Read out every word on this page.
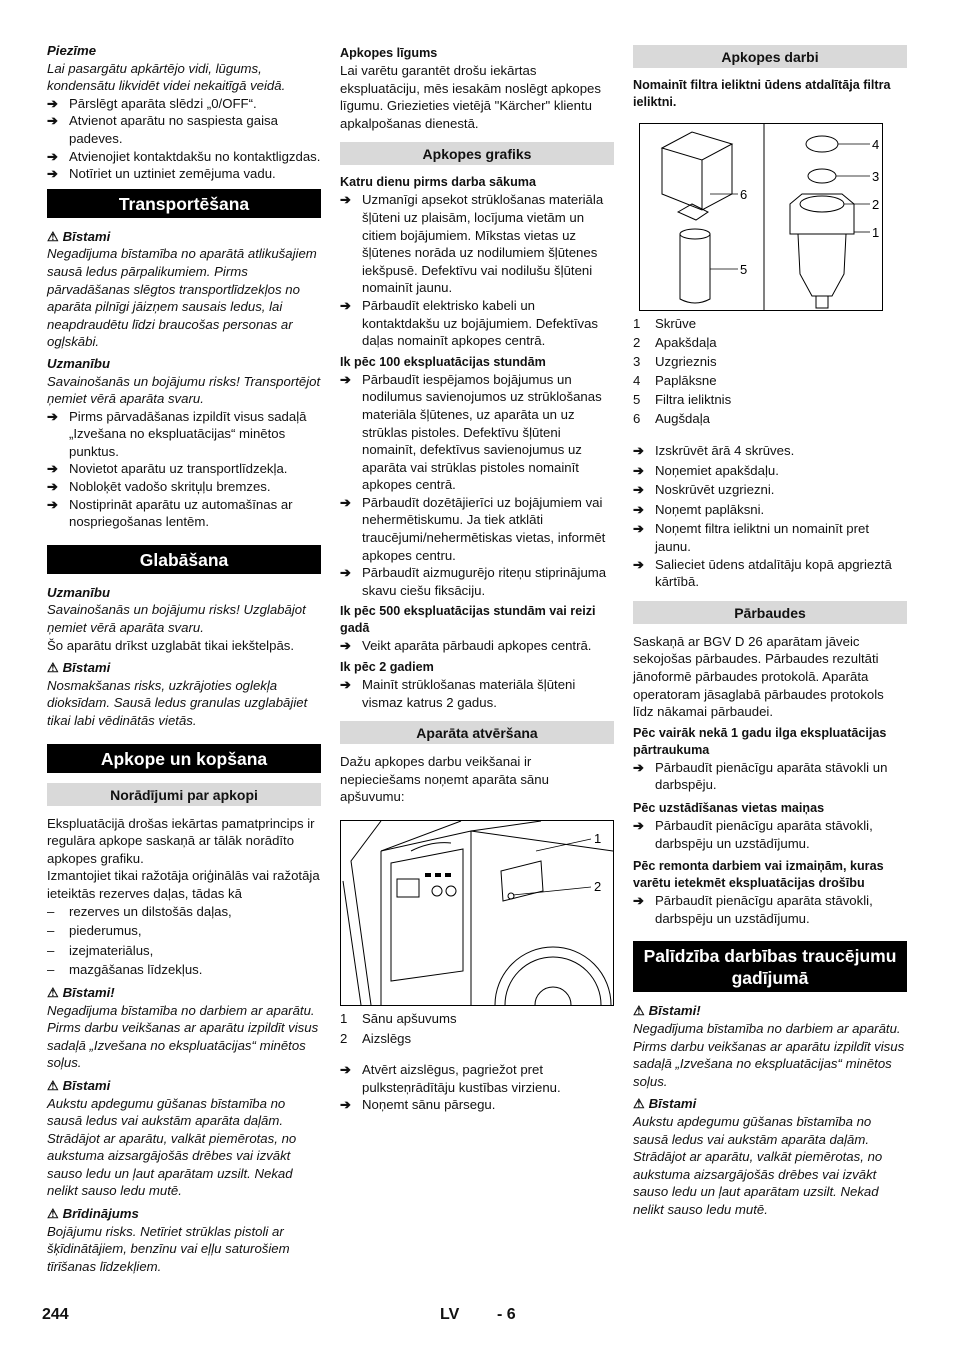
Piezīme

Lai pasargātu apkārtējo vidi, lūgums, kondensātu likvidēt videi nekaitīgā veidā.

➔ Pārslēgt aparāta slēdzi „0/OFF“.
➔ Atvienot aparātu no saspiesta gaisa padeves.
➔ Atvienojiet kontaktdakšu no kontaktligzdas.
➔ Notīriet un uztiniet zemējuma vadu.
Transportēšana
⚠ Bīstami

Negadījuma bīstamība no aparātā atlikušajiem sausā ledus pārpalikumiem. Pirms pārvadāšanas slēgtos transportlīdzekļos no aparāta pilnīgi jāizņem sausais ledus, lai neapdraudētu līdzi braucošas personas ar ogļskābi.

Uzmanību

Savainošanās un bojājumu risks! Transportējot ņemiet vērā aparāta svaru.

➔ Pirms pārvadāšanas izpildīt visus sadaļā „Izvešana no ekspluatācijas“ minētos punktus.
➔ Novietot aparātu uz transportlīdzekļa.
➔ Nobloķēt vadošo skritu̦ļu bremzes.
➔ Nostiprināt aparātu uz automašīnas ar nospriegošanas lentēm.
Glabāšana

Uzmanību

Savainošanās un bojājumu risks! Uzglabājot ņemiet vērā aparāta svaru.

Šo aparātu drīkst uzglabāt tikai iekštelpās.

⚠ Bīstami

Nosmakšanas risks, uzkrājoties oglekļa dioksīdam. Sausā ledus granulas uzglabājiet tikai labi vēdinātās vietās.

Apkope un kopšana
Norādījumi par apkopi

Ekspluatācijā drošas iekārtas pamatprincips ir regulāra apkope saskaņā ar tālāk norādīto apkopes grafiku.

Izmantojiet tikai ražotāja oriģinālās vai ražotāja ieteiktās rezerves daļas, tādas kā

– rezerves un dilstošās daļas,
– piederumus,
– izejmateriālus,
– mazgāšanas līdzekļus.
⚠ Bīstami!

Negadījuma bīstamība no darbiem ar aparātu. Pirms darbu veikšanas ar aparātu izpildīt visus sadaļā „Izvešana no ekspluatācijas“ minētos soļus.

⚠ Bīstami

Aukstu apdegumu gūšanas bīstamība no sausā ledus vai aukstām aparāta daļām. Strādājot ar aparātu, valkāt piemērotas, no aukstuma aizsargājošās drēbes vai izvākt sauso ledu un ļaut aparātam uzsilt. Nekad nelikt sauso ledu mutē.

⚠ Brīdinājums

Bojājumu risks. Netīriet strūklas pistoli ar šķīdinātājiem, benzīnu vai eļļu saturošiem tīrīšanas līdzekļiem.

Apkopes līgums

Lai varētu garantēt drošu iekārtas ekspluatāciju, mēs iesakām noslēgt apkopes līgumu. Griezieties vietējā "Kärcher" klientu apkalpošanas dienestā.

Apkopes grafiks

Katru dienu pirms darba sākuma

➔ Uzmanīgi apsekot strūklošanas materiāla šļūteni uz plaisām, locījuma vietām un citiem bojājumiem. Mīkstas vietas uz šļūtenes norāda uz nodilumiem šļūtenes iekšpusē. Defektīvu vai nodilušu šļūteni nomainīt jaunu.
➔ Pārbaudīt elektrisko kabeli un kontaktdakšu uz bojājumiem. Defektīvas daļas nomainīt apkopes centrā.

Ik pēc 100 ekspluatācijas stundām

➔ Pārbaudīt iespējamos bojājumus un nodilumus savienojumos uz strūklošanas materiāla šļūtenes, uz aparāta un uz strūklas pistoles. Defektīvu šļūteni nomainīt, defektīvus savienojumus uz aparāta vai strūklas pistoles nomainīt apkopes centrā.
➔ Pārbaudīt dozētājierīci uz bojājumiem vai nehermētiskumu. Ja tiek atklāti traucējumi/nehermētiskas vietas, informēt apkopes centru.
➔ Pārbaudīt aizmugurējo riteņu stiprinājuma skavu ciešu fiksāciju.

Ik pēc 500 ekspluatācijas stundām vai reizi gadā

➔ Veikt aparāta pārbaudi apkopes centrā.

Ik pēc 2 gadiem

➔ Mainīt strūklošanas materiāla šļūteni vismaz katrus 2 gadus.
Aparāta atvēršana

Dažu apkopes darbu veikšanai ir nepieciešams noņemt aparāta sānu apšuvumu:

1
2
1	Sānu apšuvums
2	Aizslēgs
➔ Atvērt aizslēgus, pagriežot pret pulksteņrādītāju kustības virzienu.
➔ Noņemt sānu pārsegu.
Apkopes darbi

Nomainīt filtra ieliktni ūdens atdalītāja filtra ieliktni.

4
3
2
1
6
5
1	Skrūve
2	Apakšdaļa
3	Uzgrieznis
4	Paplāksne
5	Filtra ieliktnis
6	Augšdaļa
➔ Izskrūvēt ārā 4 skrūves.
➔ Noņemiet apakšdaļu.
➔ Noskrūvēt uzgriezni.
➔ Noņemt paplāksni.
➔ Noņemt filtra ieliktni un nomainīt pret jaunu.
➔ Salieciet ūdens atdalītāju kopā apgrieztā kārtībā.
Pārbaudes

Saskaņā ar BGV D 26 aparātam jāveic sekojošas pārbaudes. Pārbaudes rezultāti jānoformē pārbaudes protokolā. Aparāta operatoram jāsaglabā pārbaudes protokols līdz nākamai pārbaudei.

Pēc vairāk nekā 1 gadu ilga ekspluatācijas pārtraukuma

➔ Pārbaudīt pienācīgu aparāta stāvokli un darbspēju.

Pēc uzstādīšanas vietas maiņas

➔ Pārbaudīt pienācīgu aparāta stāvokli, darbspēju un uzstādījumu.

Pēc remonta darbiem vai izmaiņām, kuras varētu ietekmēt ekspluatācijas drošību

➔ Pārbaudīt pienācīgu aparāta stāvokli, darbspēju un uzstādījumu.
Palīdzība darbības traucējumu gadījumā
⚠ Bīstami!

Negadījuma bīstamība no darbiem ar aparātu. Pirms darbu veikšanas ar aparātu izpildīt visus sadaļā „Izvešana no ekspluatācijas“ minētos soļus.

⚠ Bīstami

Aukstu apdegumu gūšanas bīstamība no sausā ledus vai aukstām aparāta daļām. Strādājot ar aparātu, valkāt piemērotas, no aukstuma aizsargājošās drēbes vai izvākt sauso ledu un ļaut aparātam uzsilt. Nekad nelikt sauso ledu mutē.

244	LV - 6
